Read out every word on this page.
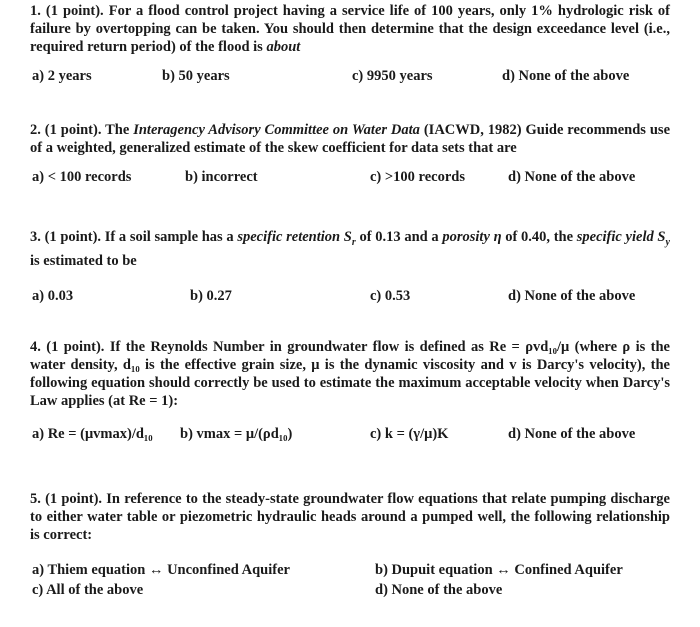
1. (1 point). For a flood control project having a service life of 100 years, only 1% hydrologic risk of failure by overtopping can be taken. You should then determine that the design exceedance level (i.e., required return period) of the flood is about
a) 2 years	b) 50 years	c) 9950 years	d) None of the above
2. (1 point). The Interagency Advisory Committee on Water Data (IACWD, 1982) Guide recommends use of a weighted, generalized estimate of the skew coefficient for data sets that are
a) < 100 records	b) incorrect	c) >100 records	d) None of the above
3. (1 point). If a soil sample has a specific retention $S_r$ of 0.13 and a porosity η of 0.40, the specific yield $S_y$ is estimated to be
a) 0.03	b) 0.27	c) 0.53	d) None of the above
4. (1 point). If the Reynolds Number in groundwater flow is defined as Re = ρvd₁₀/μ (where ρ is the water density, d₁₀ is the effective grain size, μ is the dynamic viscosity and v is Darcy's velocity), the following equation should correctly be used to estimate the maximum acceptable velocity when Darcy's Law applies (at Re = 1):
a) Re = (μvmax)/d₁₀ b) vmax = μ/(ρd₁₀)	c) k = (γ/μ)K	d) None of the above
5. (1 point). In reference to the steady-state groundwater flow equations that relate pumping discharge to either water table or piezometric hydraulic heads around a pumped well, the following relationship is correct:
a) Thiem equation ↔ Unconfined Aquifer	b) Dupuit equation ↔ Confined Aquifer
c) All of the above	d) None of the above
